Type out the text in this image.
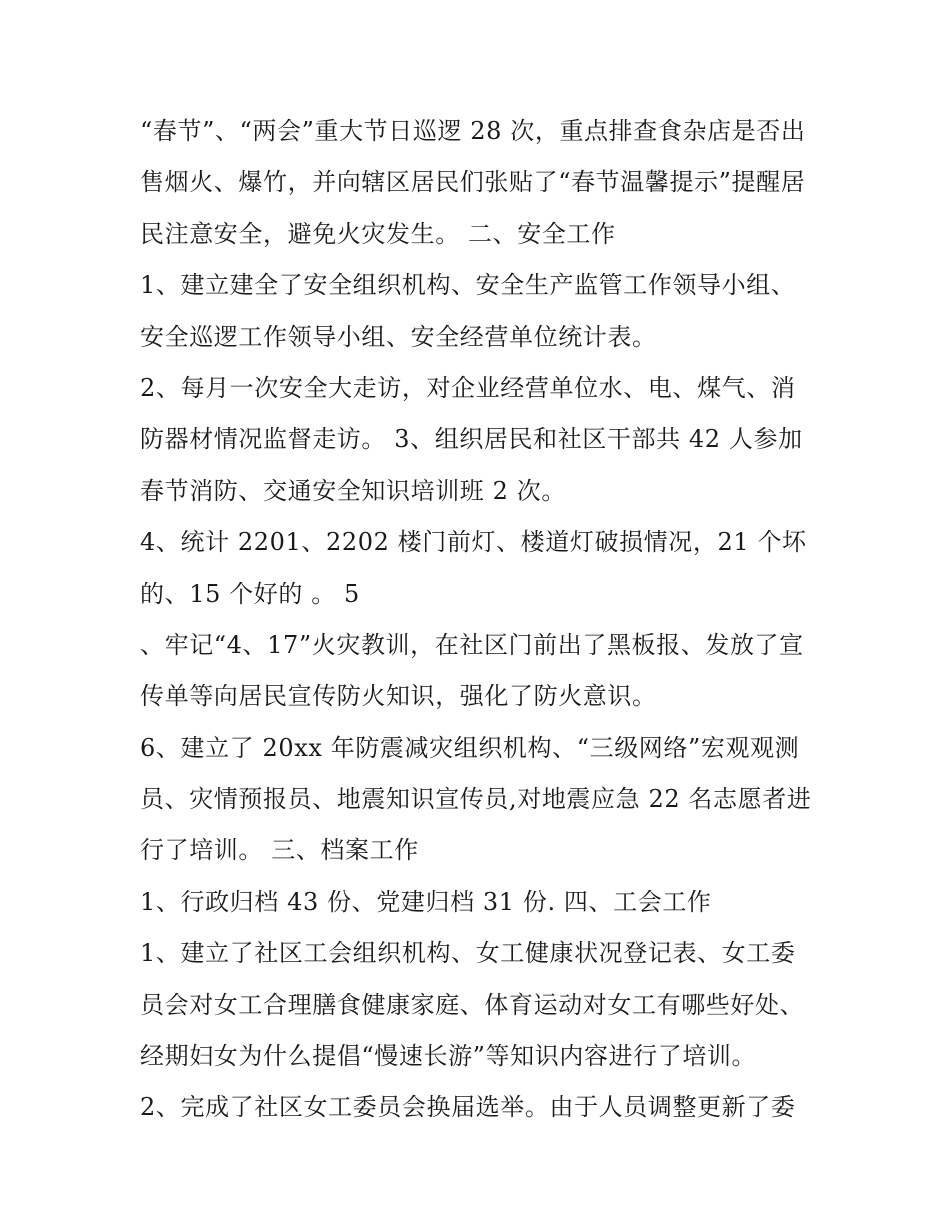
“春节”、“两会”重大节日巡逻 28 次，重点排查食杂店是否出
售烟火、爆竹，并向辖区居民们张贴了“春节温馨提示”提醒居
民注意安全，避免火灾发生。 二、安全工作
1、建立建全了安全组织机构、安全生产监管工作领导小组、
安全巡逻工作领导小组、安全经营单位统计表。
2、每月一次安全大走访，对企业经营单位水、电、煤气、消
防器材情况监督走访。 3、组织居民和社区干部共 42 人参加
春节消防、交通安全知识培训班 2 次。
4、统计 2201、2202 楼门前灯、楼道灯破损情况，21 个坏
的、15 个好的 。 5
、牢记“4、17”火灾教训，在社区门前出了黑板报、发放了宣
传单等向居民宣传防火知识，强化了防火意识。
6、建立了 20xx 年防震减灾组织机构、“三级网络”宏观观测
员、灾情预报员、地震知识宣传员,对地震应急 22 名志愿者进
行了培训。 三、档案工作
1、行政归档 43 份、党建归档 31 份. 四、工会工作
1、建立了社区工会组织机构、女工健康状况登记表、女工委
员会对女工合理膳食健康家庭、体育运动对女工有哪些好处、
经期妇女为什么提倡“慢速长游”等知识内容进行了培训。
2、完成了社区女工委员会换届选举。由于人员调整更新了委
